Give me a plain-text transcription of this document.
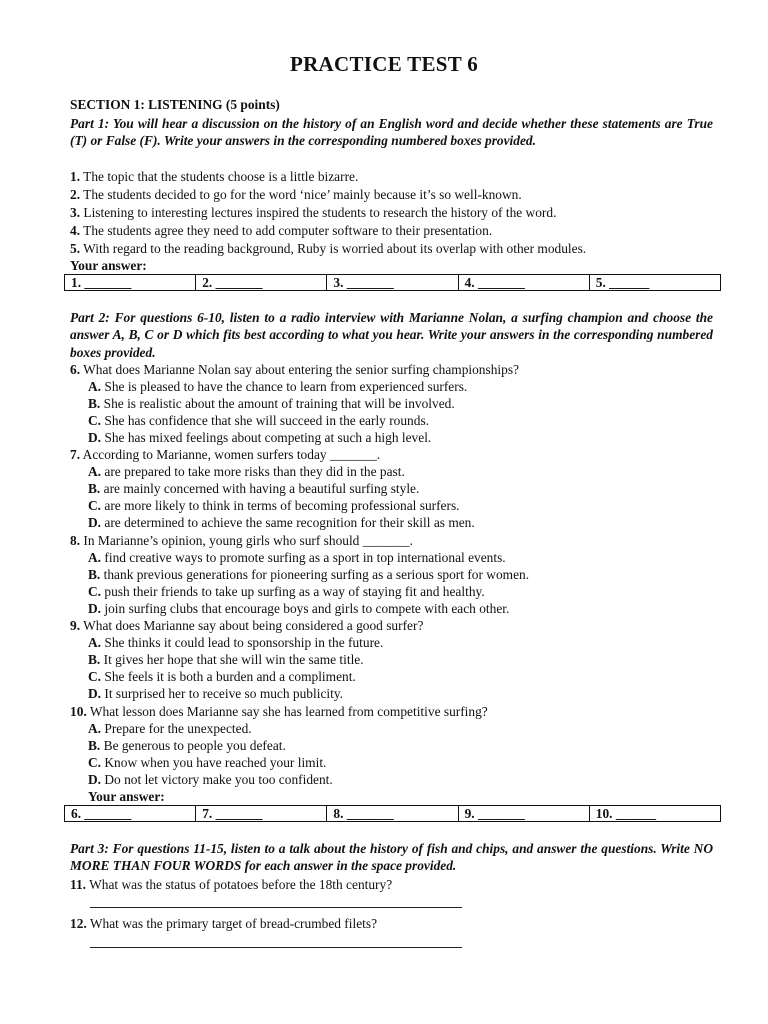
PRACTICE TEST 6
SECTION 1: LISTENING (5 points)
Part 1: You will hear a discussion on the history of an English word and decide whether these statements are True (T) or False (F). Write your answers in the corresponding numbered boxes provided.
1. The topic that the students choose is a little bizarre.
2. The students decided to go for the word ‘nice’ mainly because it’s so well-known.
3. Listening to interesting lectures inspired the students to research the history of the word.
4. The students agree they need to add computer software to their presentation.
5. With regard to the reading background, Ruby is worried about its overlap with other modules.
Your answer:
1. _______	2. _______	3. _______	4. _______	5. ______
Part 2: For questions 6-10, listen to a radio interview with Marianne Nolan, a surfing champion and choose the answer A, B, C or D which fits best according to what you hear. Write your answers in the corresponding numbered boxes provided.
6. What does Marianne Nolan say about entering the senior surfing championships?
A. She is pleased to have the chance to learn from experienced surfers.
B. She is realistic about the amount of training that will be involved.
C. She has confidence that she will succeed in the early rounds.
D. She has mixed feelings about competing at such a high level.
7. According to Marianne, women surfers today _______.
A. are prepared to take more risks than they did in the past.
B. are mainly concerned with having a beautiful surfing style.
C. are more likely to think in terms of becoming professional surfers.
D. are determined to achieve the same recognition for their skill as men.
8. In Marianne’s opinion, young girls who surf should _______.
A. find creative ways to promote surfing as a sport in top international events.
B. thank previous generations for pioneering surfing as a serious sport for women.
C. push their friends to take up surfing as a way of staying fit and healthy.
D. join surfing clubs that encourage boys and girls to compete with each other.
9. What does Marianne say about being considered a good surfer?
A. She thinks it could lead to sponsorship in the future.
B. It gives her hope that she will win the same title.
C. She feels it is both a burden and a compliment.
D. It surprised her to receive so much publicity.
10. What lesson does Marianne say she has learned from competitive surfing?
A. Prepare for the unexpected.
B. Be generous to people you defeat.
C. Know when you have reached your limit.
D. Do not let victory make you too confident.
Your answer:
6. _______	7. _______	8. _______	9. _______	10. ______
Part 3: For questions 11-15, listen to a talk about the history of fish and chips, and answer the questions. Write NO MORE THAN FOUR WORDS for each answer in the space provided.
11. What was the status of potatoes before the 18th century?
12. What was the primary target of bread-crumbed filets?
